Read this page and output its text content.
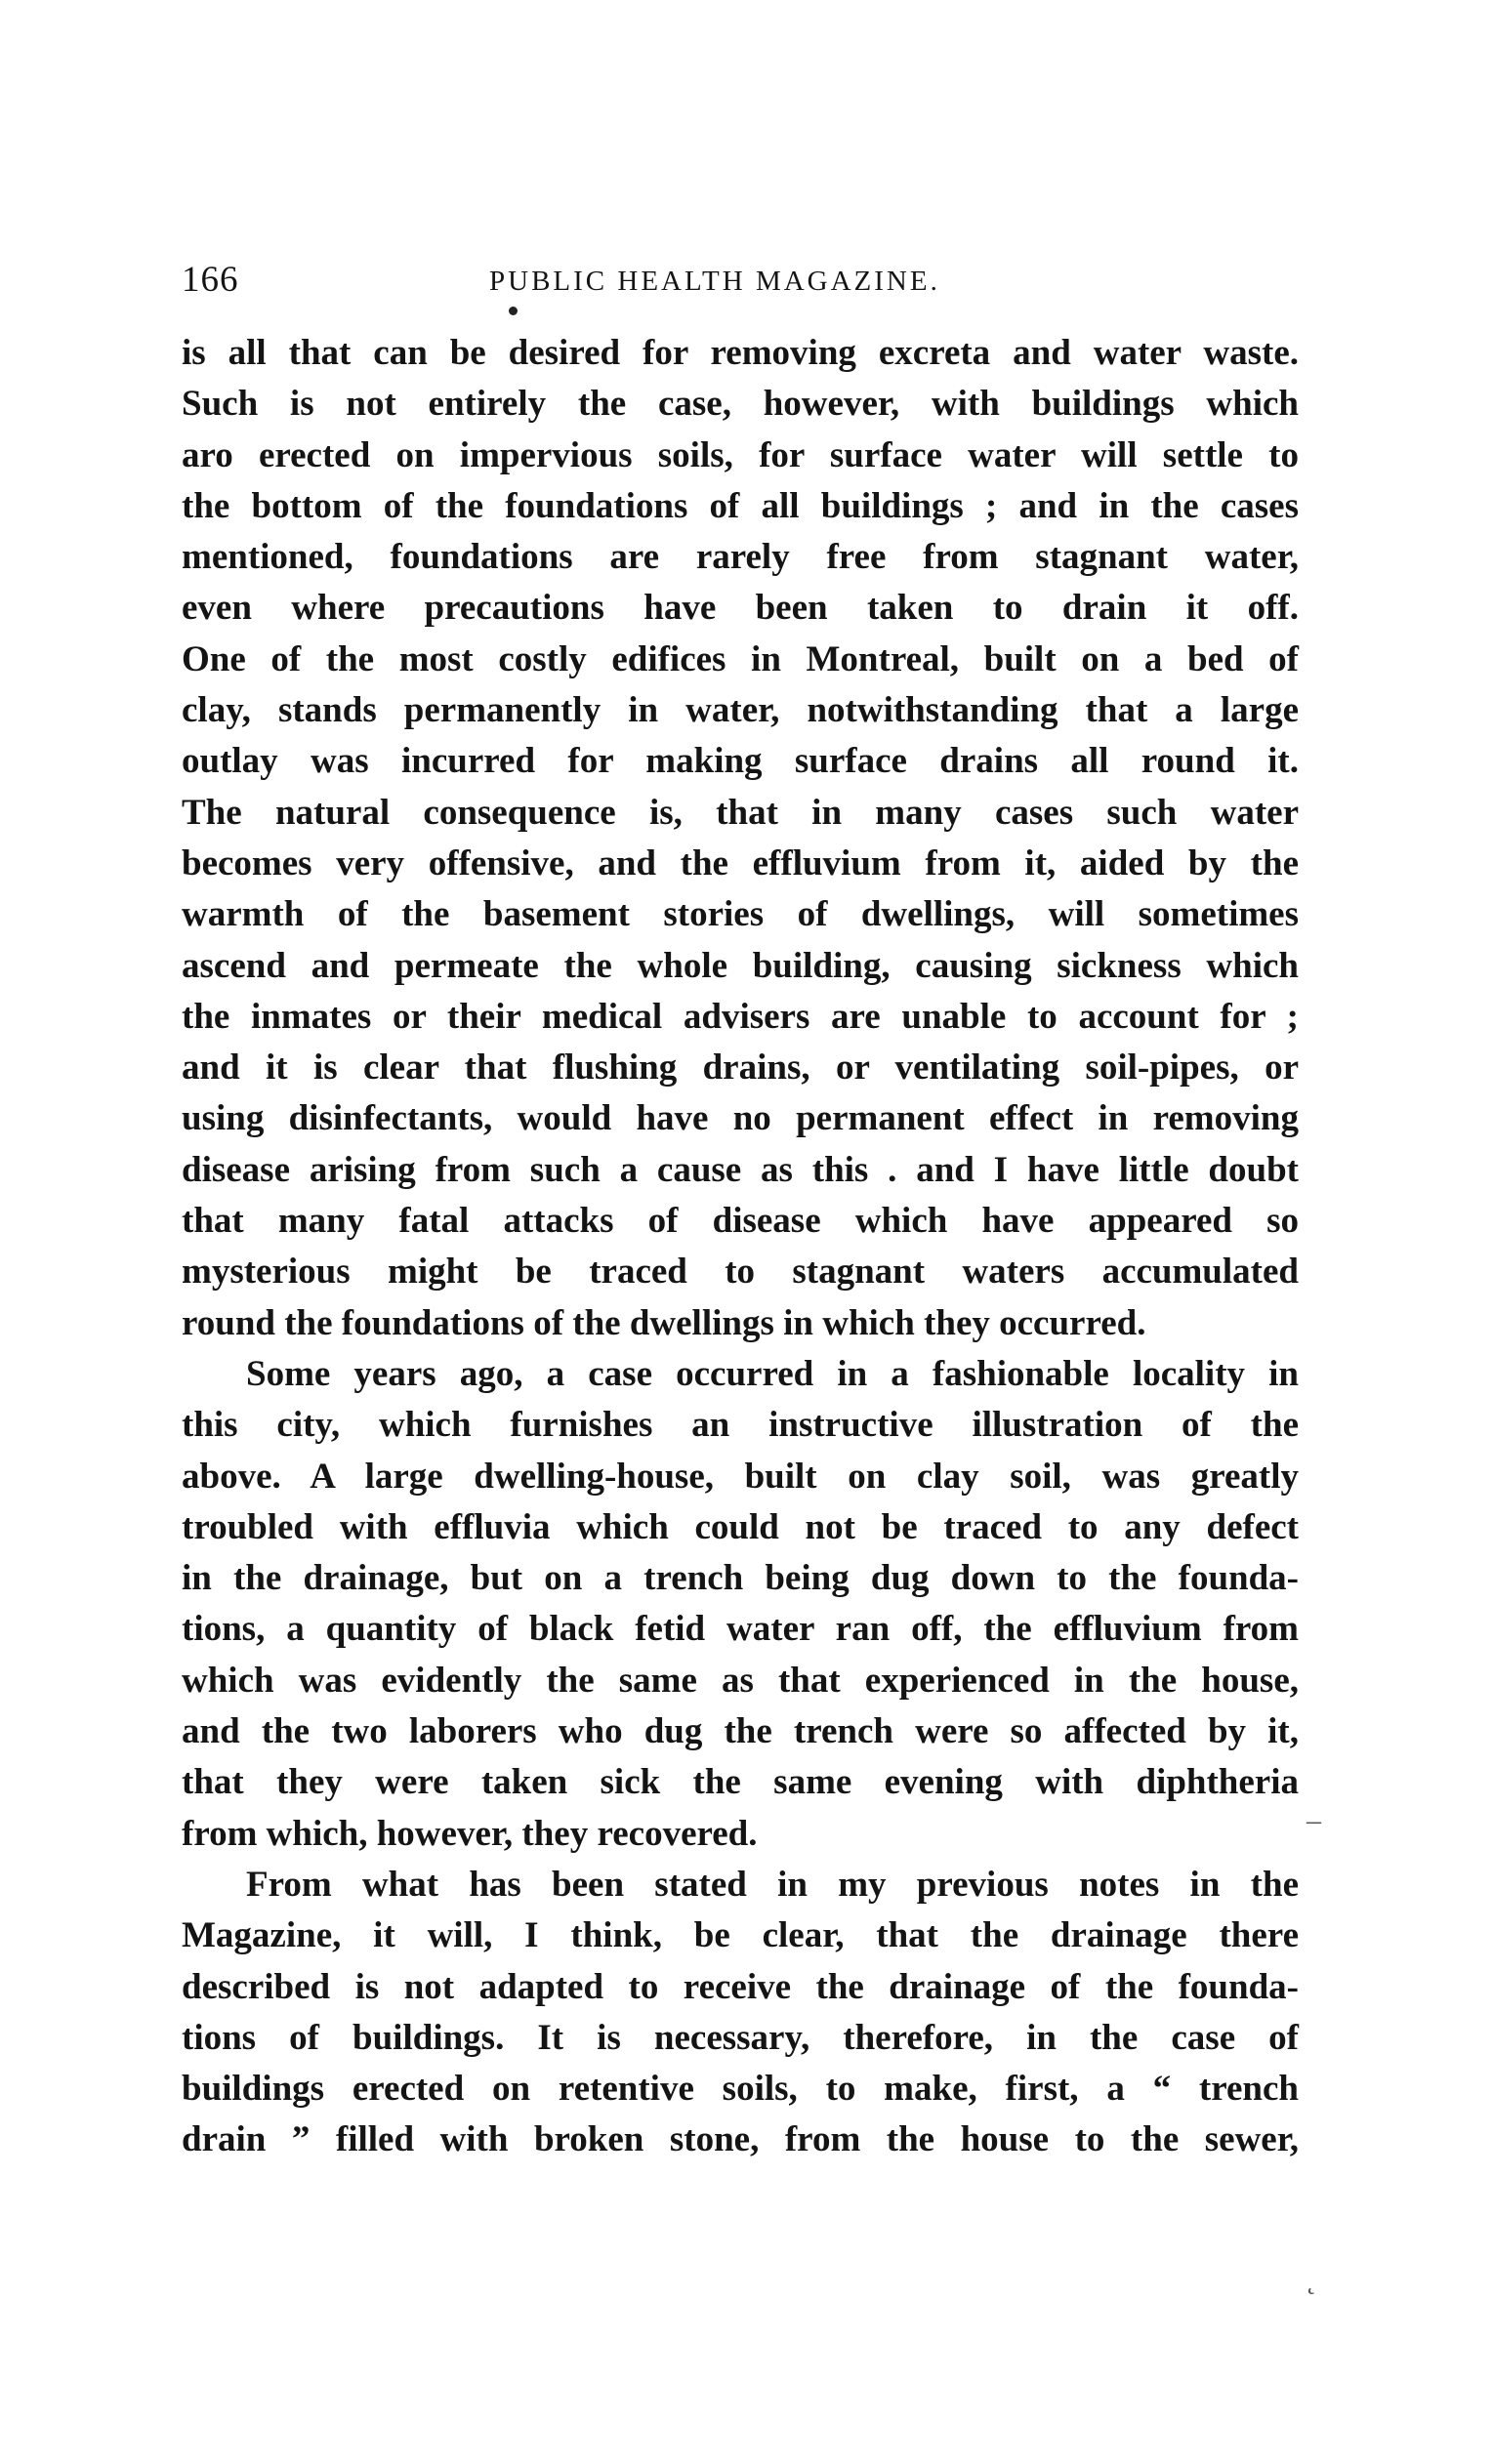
166	PUBLIC HEALTH MAGAZINE.
is all that can be desired for removing excreta and water waste.
Such is not entirely the case, however, with buildings which
aro erected on impervious soils, for surface water will settle to
the bottom of the foundations of all buildings ; and in the cases
mentioned, foundations are rarely free from stagnant water,
even where precautions have been taken to drain it off.
One of the most costly edifices in Montreal, built on a bed of
clay, stands permanently in water, notwithstanding that a large
outlay was incurred for making surface drains all round it.
The natural consequence is, that in many cases such water
becomes very offensive, and the effluvium from it, aided by the
warmth of the basement stories of dwellings, will sometimes
ascend and permeate the whole building, causing sickness which
the inmates or their medical advisers are unable to account for ;
and it is clear that flushing drains, or ventilating soil-pipes, or
using disinfectants, would have no permanent effect in removing
disease arising from such a cause as this . and I have little doubt
that many fatal attacks of disease which have appeared so
mysterious might be traced to stagnant waters accumulated
round the foundations of the dwellings in which they occurred.
Some years ago, a case occurred in a fashionable locality in
this city, which furnishes an instructive illustration of the
above. A large dwelling-house, built on clay soil, was greatly
troubled with effluvia which could not be traced to any defect
in the drainage, but on a trench being dug down to the founda-
tions, a quantity of black fetid water ran off, the effluvium from
which was evidently the same as that experienced in the house,
and the two laborers who dug the trench were so affected by it,
that they were taken sick the same evening with diphtheria
from which, however, they recovered.
From what has been stated in my previous notes in the
Magazine, it will, I think, be clear, that the drainage there
described is not adapted to receive the drainage of the founda-
tions of buildings. It is necessary, therefore, in the case of
buildings erected on retentive soils, to make, first, a “ trench
drain ” filled with broken stone, from the house to the sewer,
–
˛
